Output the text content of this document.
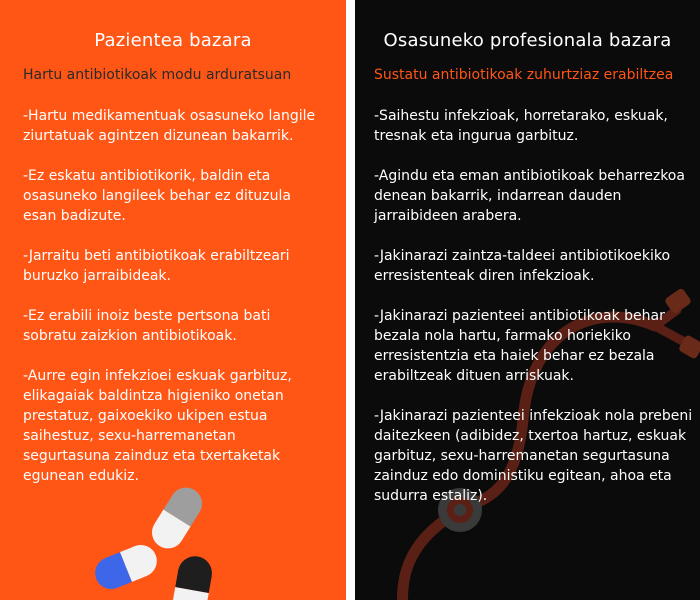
Pazientea bazara

Hartu antibiotikoak modu arduratsuan

-Hartu medikamentuak osasuneko langile ziurtatuak agintzen dizunean bakarrik.
-Ez eskatu antibiotikorik, baldin eta osasuneko langileek behar ez dituzula esan badizute.
-Jarraitu beti antibiotikoak erabiltzeari buruzko jarraibideak.
-Ez erabili inoiz beste pertsona bati sobratu zaizkion antibiotikoak.
-Aurre egin infekzioei eskuak garbituz, elikagaiak baldintza higieniko onetan prestatuz, gaixoekiko ukipen estua saihestuz, sexu-harremanetan segurtasuna zainduz eta txertaketak egunean edukiz.
Osasuneko profesionala bazara

Sustatu antibiotikoak zuhurtziaz erabiltzea

-Saihestu infekzioak, horretarako, eskuak, tresnak eta ingurua garbituz.
-Agindu eta eman antibiotikoak beharrezkoa denean bakarrik, indarrean dauden jarraibideen arabera.
-Jakinarazi zaintza-taldeei antibiotikoekiko erresistenteak diren infekzioak.
-Jakinarazi pazienteei antibiotikoak behar bezala nola hartu, farmako horiekiko erresistentzia eta haiek behar ez bezala erabiltzeak dituen arriskuak.
-Jakinarazi pazienteei infekzioak nola prebeni daitezkeen (adibidez, txertoa hartuz, eskuak garbituz, sexu-harremanetan segurtasuna zainduz edo doministiku egitean, ahoa eta sudurra estaliz).
